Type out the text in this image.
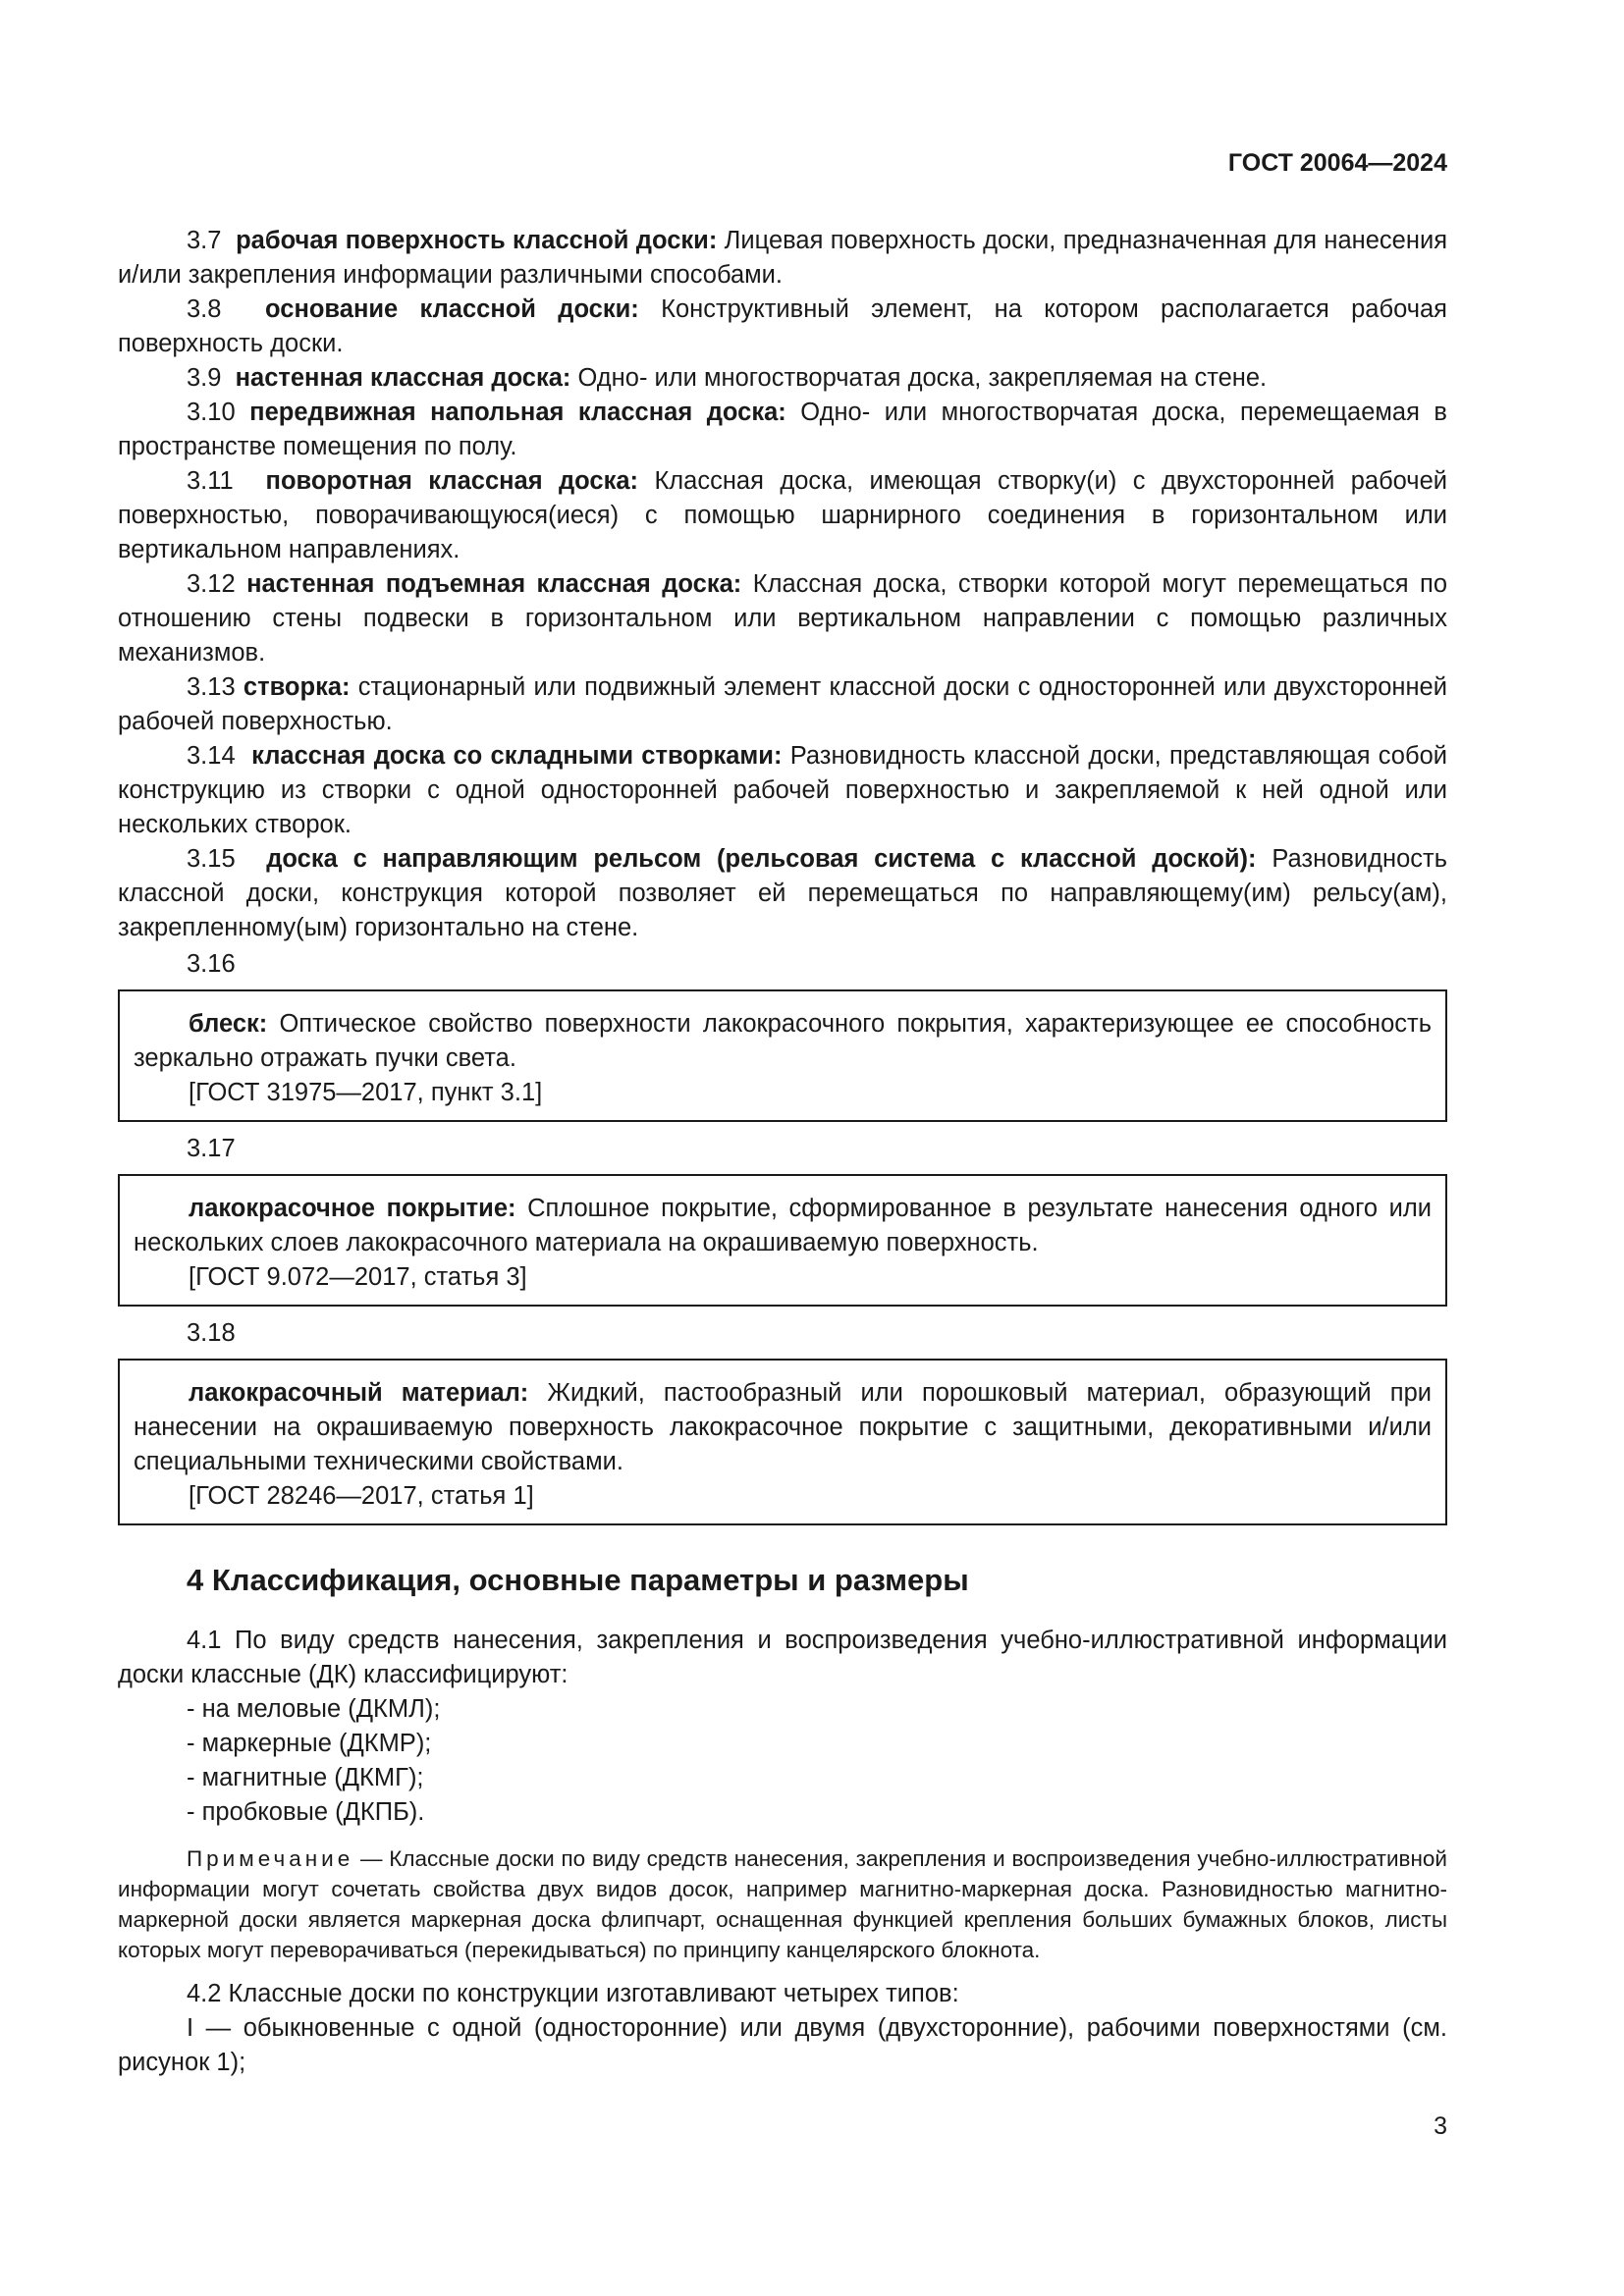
ГОСТ 20064—2024

3.7 рабочая поверхность классной доски: Лицевая поверхность доски, предназначенная для нанесения и/или закрепления информации различными способами.

3.8 основание классной доски: Конструктивный элемент, на котором располагается рабочая поверхность доски.

3.9 настенная классная доска: Одно- или многостворчатая доска, закрепляемая на стене.

3.10 передвижная напольная классная доска: Одно- или многостворчатая доска, перемещаемая в пространстве помещения по полу.

3.11 поворотная классная доска: Классная доска, имеющая створку(и) с двухсторонней рабочей поверхностью, поворачивающуюся(иеся) с помощью шарнирного соединения в горизонтальном или вертикальном направлениях.

3.12 настенная подъемная классная доска: Классная доска, створки которой могут перемещаться по отношению стены подвески в горизонтальном или вертикальном направлении с помощью различных механизмов.

3.13 створка: стационарный или подвижный элемент классной доски с односторонней или двухсторонней рабочей поверхностью.

3.14 классная доска со складными створками: Разновидность классной доски, представляющая собой конструкцию из створки с одной односторонней рабочей поверхностью и закрепляемой к ней одной или нескольких створок.

3.15 доска с направляющим рельсом (рельсовая система с классной доской): Разновидность классной доски, конструкция которой позволяет ей перемещаться по направляющему(им) рельсу(ам), закрепленному(ым) горизонтально на стене.

3.16

блеск: Оптическое свойство поверхности лакокрасочного покрытия, характеризующее ее способность зеркально отражать пучки света.

[ГОСТ 31975—2017, пункт 3.1]

3.17

лакокрасочное покрытие: Сплошное покрытие, сформированное в результате нанесения одного или нескольких слоев лакокрасочного материала на окрашиваемую поверхность.

[ГОСТ 9.072—2017, статья 3]

3.18

лакокрасочный материал: Жидкий, пастообразный или порошковый материал, образующий при нанесении на окрашиваемую поверхность лакокрасочное покрытие с защитными, декоративными и/или специальными техническими свойствами.

[ГОСТ 28246—2017, статья 1]

4 Классификация, основные параметры и размеры

4.1 По виду средств нанесения, закрепления и воспроизведения учебно-иллюстративной информации доски классные (ДК) классифицируют:

- на меловые (ДКМЛ);
- маркерные (ДКМР);
- магнитные (ДКМГ);
- пробковые (ДКПБ).

Примечание — Классные доски по виду средств нанесения, закрепления и воспроизведения учебно-иллюстративной информации могут сочетать свойства двух видов досок, например магнитно-маркерная доска. Разновидностью магнитно-маркерной доски является маркерная доска флипчарт, оснащенная функцией крепления больших бумажных блоков, листы которых могут переворачиваться (перекидываться) по принципу канцелярского блокнота.

4.2 Классные доски по конструкции изготавливают четырех типов:

I — обыкновенные с одной (односторонние) или двумя (двухсторонние), рабочими поверхностями (см. рисунок 1);

3
